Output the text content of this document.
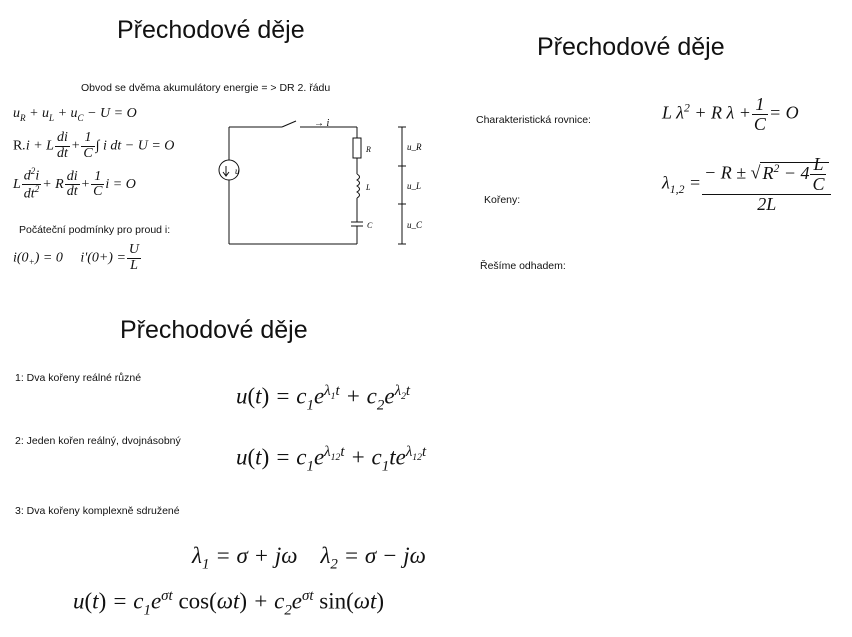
Přechodové děje
Obvod se dvěma akumulátory energie = > DR 2. řádu
$u_R + u_L + u_C - U = O$
R.i + L $\frac{di}{dt} + \frac{1}{C}$ ∫ i dt − U = O
L $\frac{d^2i}{dt^2} + R \frac{di}{dt} + \frac{1}{C}$ i = O
Počáteční podmínky pro proud i:
$i(0_+) = 0$     $i'(0+) = \frac{U}{L}$
→ i
u
R
L
C
u_R
u_L
u_C
Přechodové děje
Charakteristická rovnice:	L $\lambda^2 + R$ $\lambda + \frac{1}{C} = O$
Kořeny:
$\lambda_{1,2} = \frac{- R \pm √ R^2 - 4 \frac{L}{C}}{2L}$
Řešíme odhadem:
Přechodové děje
1: Dva kořeny reálné různé
$u(t) = c_1e^{\lambda_1t} + c_2e^{\lambda_2t}$
2: Jeden kořen reálný, dvojnásobný
$u(t) = c_1e^{\lambda_{12}t} + c_1te^{\lambda_{12}t}$
3: Dva kořeny komplexně sdružené
$\lambda_1 = \sigma + j\omega$    $\lambda_2 = \sigma - j\omega$
$u(t) = c_1e^{\sigma t}$ $\cos(\omega t) + c_2e^{\sigma t}$ sin(ωt)
